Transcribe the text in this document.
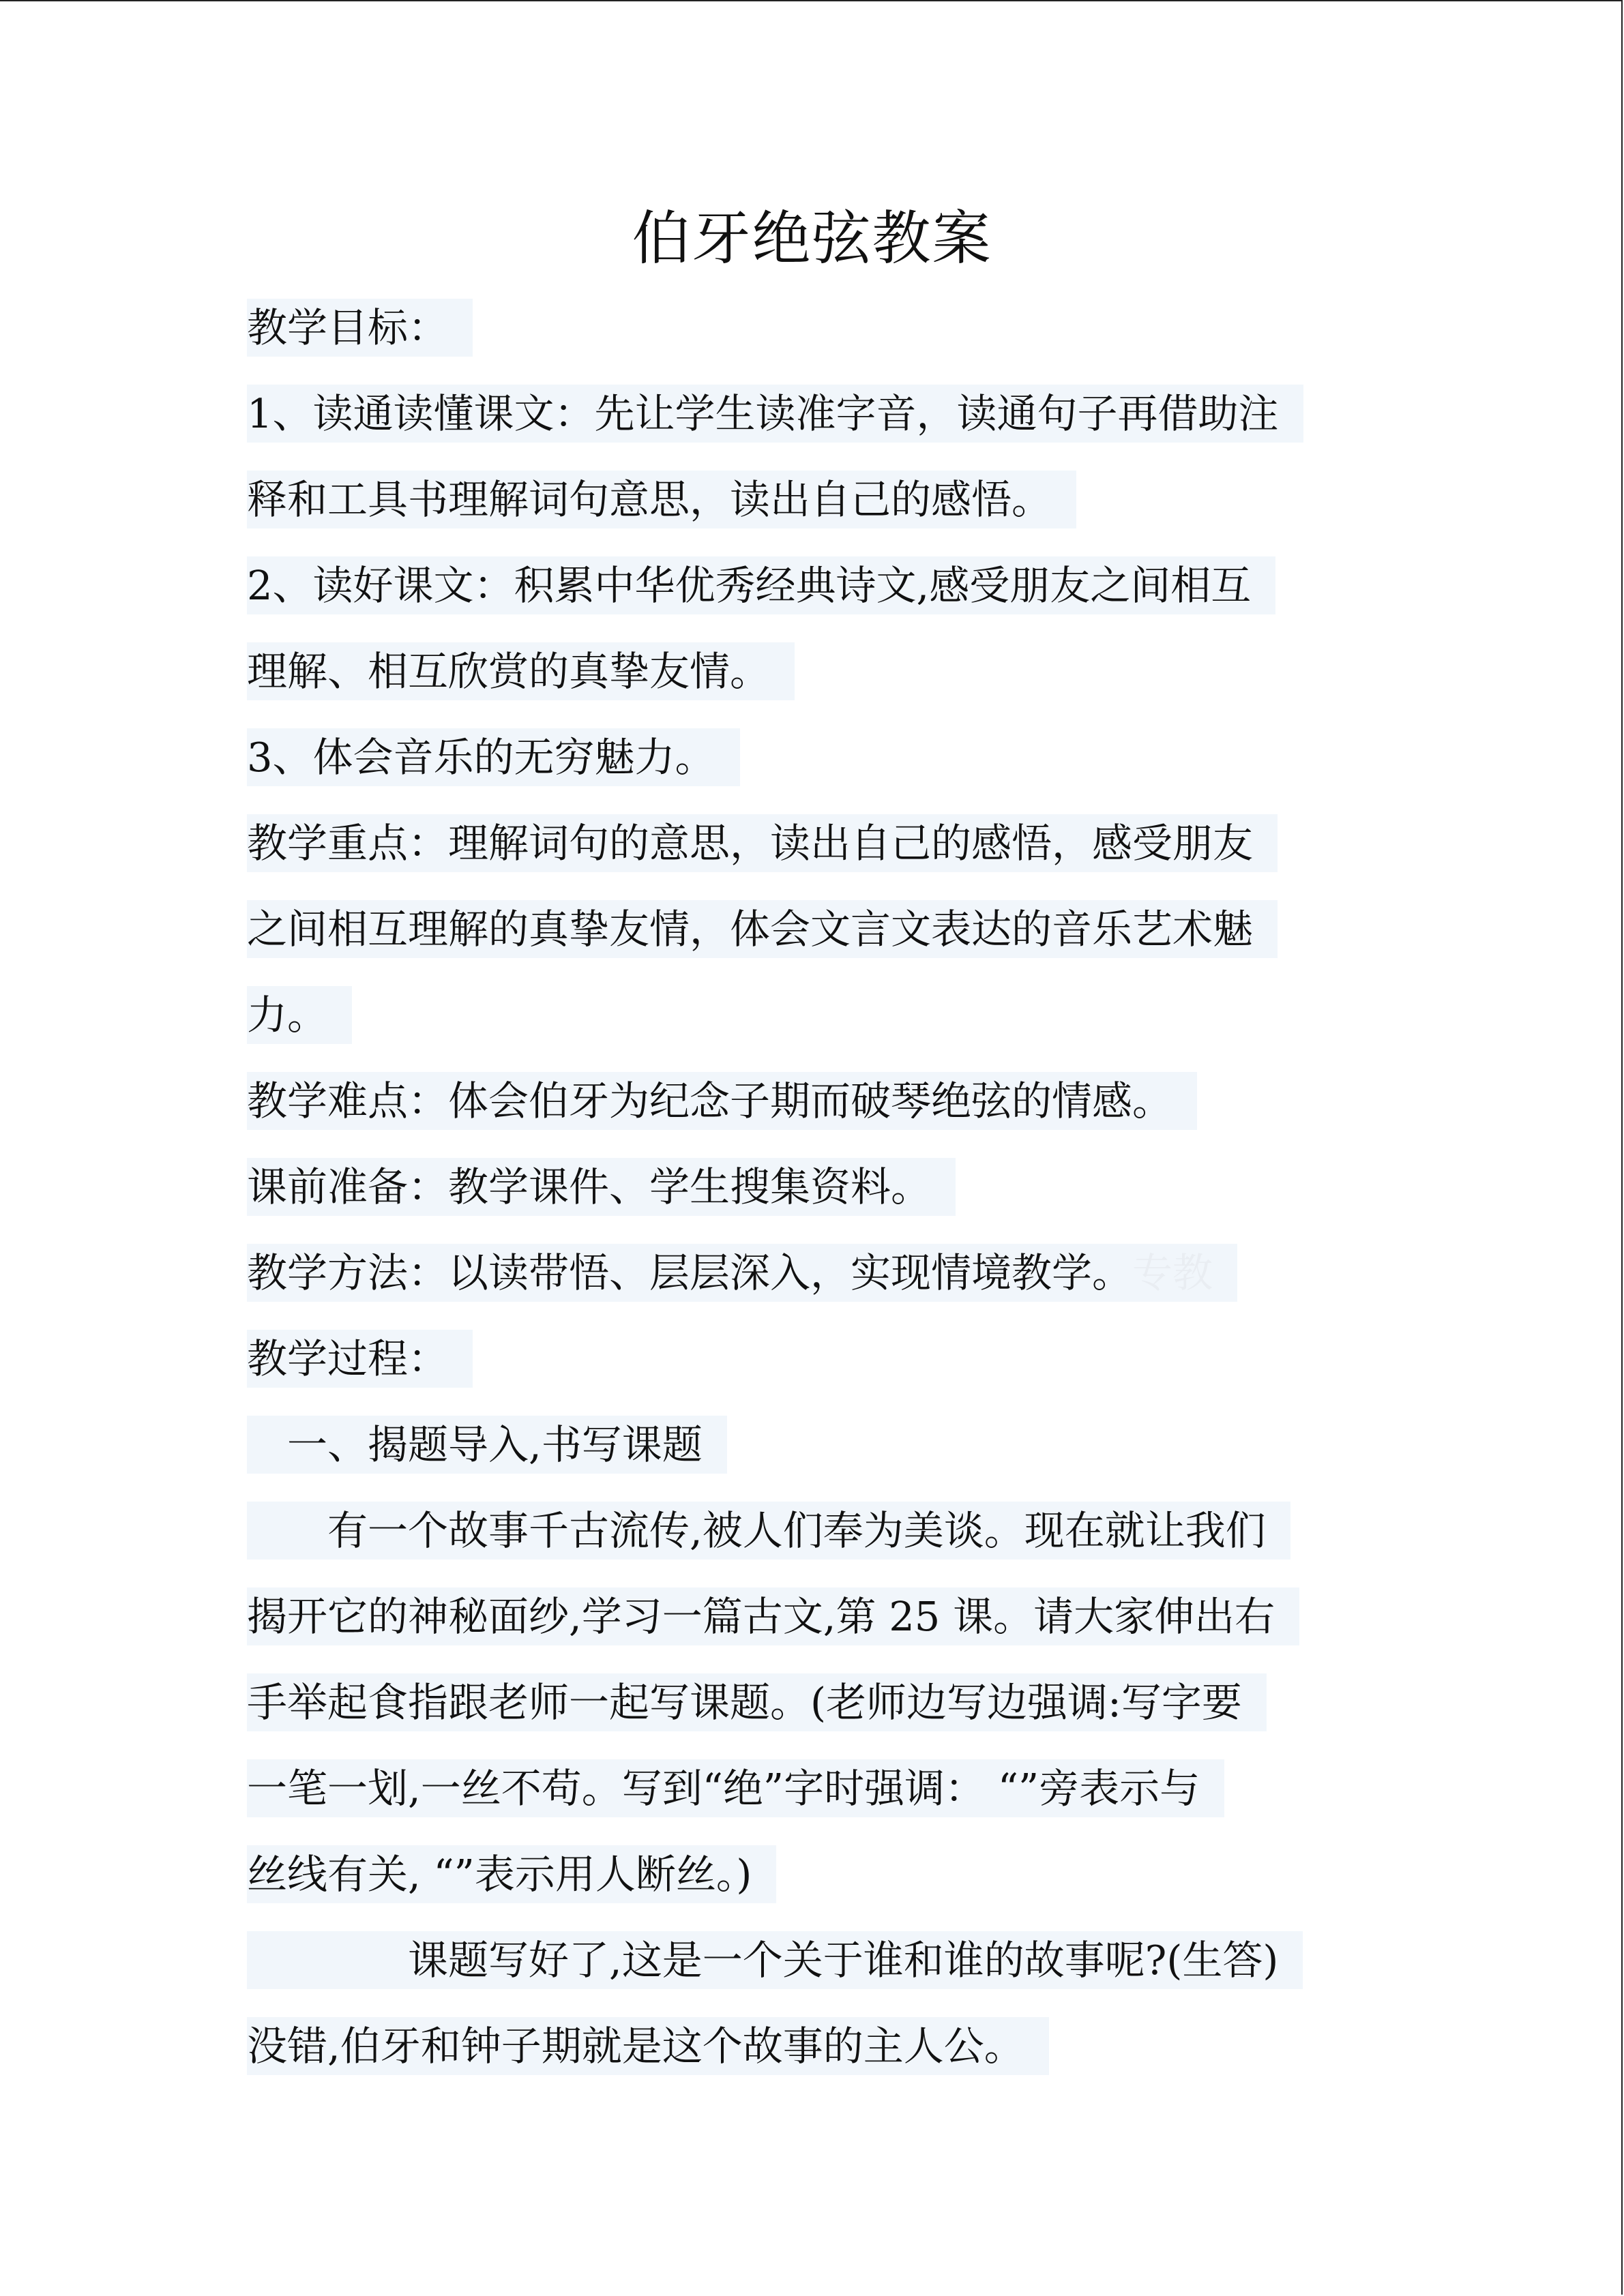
伯牙绝弦教案
教学目标：
1、读通读懂课文：先让学生读准字音，读通句子再借助注
释和工具书理解词句意思，读出自己的感悟。
2、读好课文：积累中华优秀经典诗文,感受朋友之间相互
理解、相互欣赏的真挚友情。
3、体会音乐的无穷魅力。
教学重点：理解词句的意思，读出自己的感悟，感受朋友
之间相互理解的真挚友情，体会文言文表达的音乐艺术魅
力。
教学难点：体会伯牙为纪念子期而破琴绝弦的情感。
课前准备：教学课件、学生搜集资料。
教学方法：以读带悟、层层深入，实现情境教学。专教
教学过程：
　一、揭题导入,书写课题
　　有一个故事千古流传,被人们奉为美谈。现在就让我们
揭开它的神秘面纱,学习一篇古文,第 25 课。请大家伸出右
手举起食指跟老师一起写课题。(老师边写边强调:写字要
一笔一划,一丝不苟。写到“绝”字时强调： “”旁表示与
丝线有关, “”表示用人断丝。)
　　　　课题写好了,这是一个关于谁和谁的故事呢?(生答)
没错,伯牙和钟子期就是这个故事的主人公。
